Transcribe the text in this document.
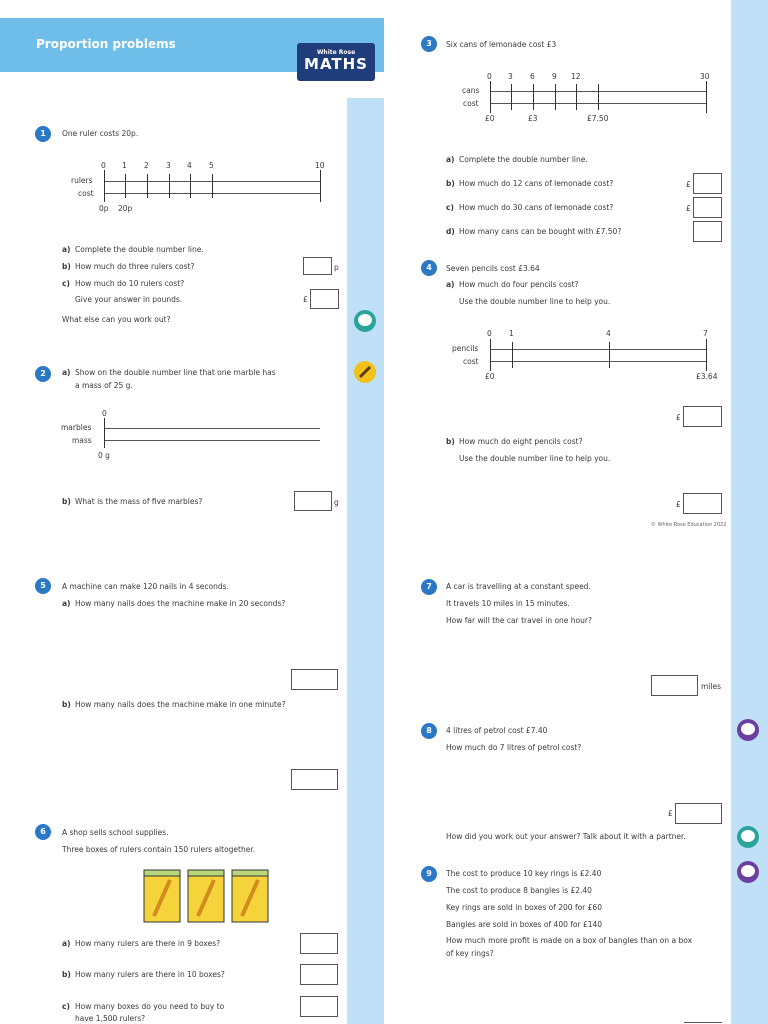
Proportion problems
White Rose
MATHS
1	One ruler costs 20p.
rulers
cost
0 1 2 3 4 5	10
0p 20p
a) Complete the double number line.
b) How much do three rulers cost?	p
c) How much do 10 rulers cost?
Give your answer in pounds.	£
What else can you work out?
2	a) Show on the double number line that one marble has
a mass of 25 g.
0
marbles
mass
0 g
b) What is the mass of five marbles?	g
3	Six cans of lemonade cost £3
cans
cost
0 3 6 9 12	30
£0	£3	£7.50
a) Complete the double number line.
b) How much do 12 cans of lemonade cost?	£
c) How much do 30 cans of lemonade cost?	£
d) How many cans can be bought with £7.50?
4	Seven pencils cost £3.64
a) How much do four pencils cost?
Use the double number line to help you.
0 1	4	7
pencils
cost
£0	£3.64
£
b) How much do eight pencils cost?
Use the double number line to help you.
£
© White Rose Education 2022
5	A machine can make 120 nails in 4 seconds.
a) How many nails does the machine make in 20 seconds?
b) How many nails does the machine make in one minute?
6	A shop sells school supplies.
Three boxes of rulers contain 150 rulers altogether.
a) How many rulers are there in 9 boxes?
b) How many rulers are there in 10 boxes?
c) How many boxes do you need to buy to
have 1,500 rulers?
7	A car is travelling at a constant speed.
It travels 10 miles in 15 minutes.
How far will the car travel in one hour?
miles
8	4 litres of petrol cost £7.40
How much do 7 litres of petrol cost?
£
How did you work out your answer? Talk about it with a partner.
9	The cost to produce 10 key rings is £2.40
The cost to produce 8 bangles is £2.40
Key rings are sold in boxes of 200 for £60
Bangles are sold in boxes of 400 for £140
How much more profit is made on a box of bangles than on a box
of key rings?
